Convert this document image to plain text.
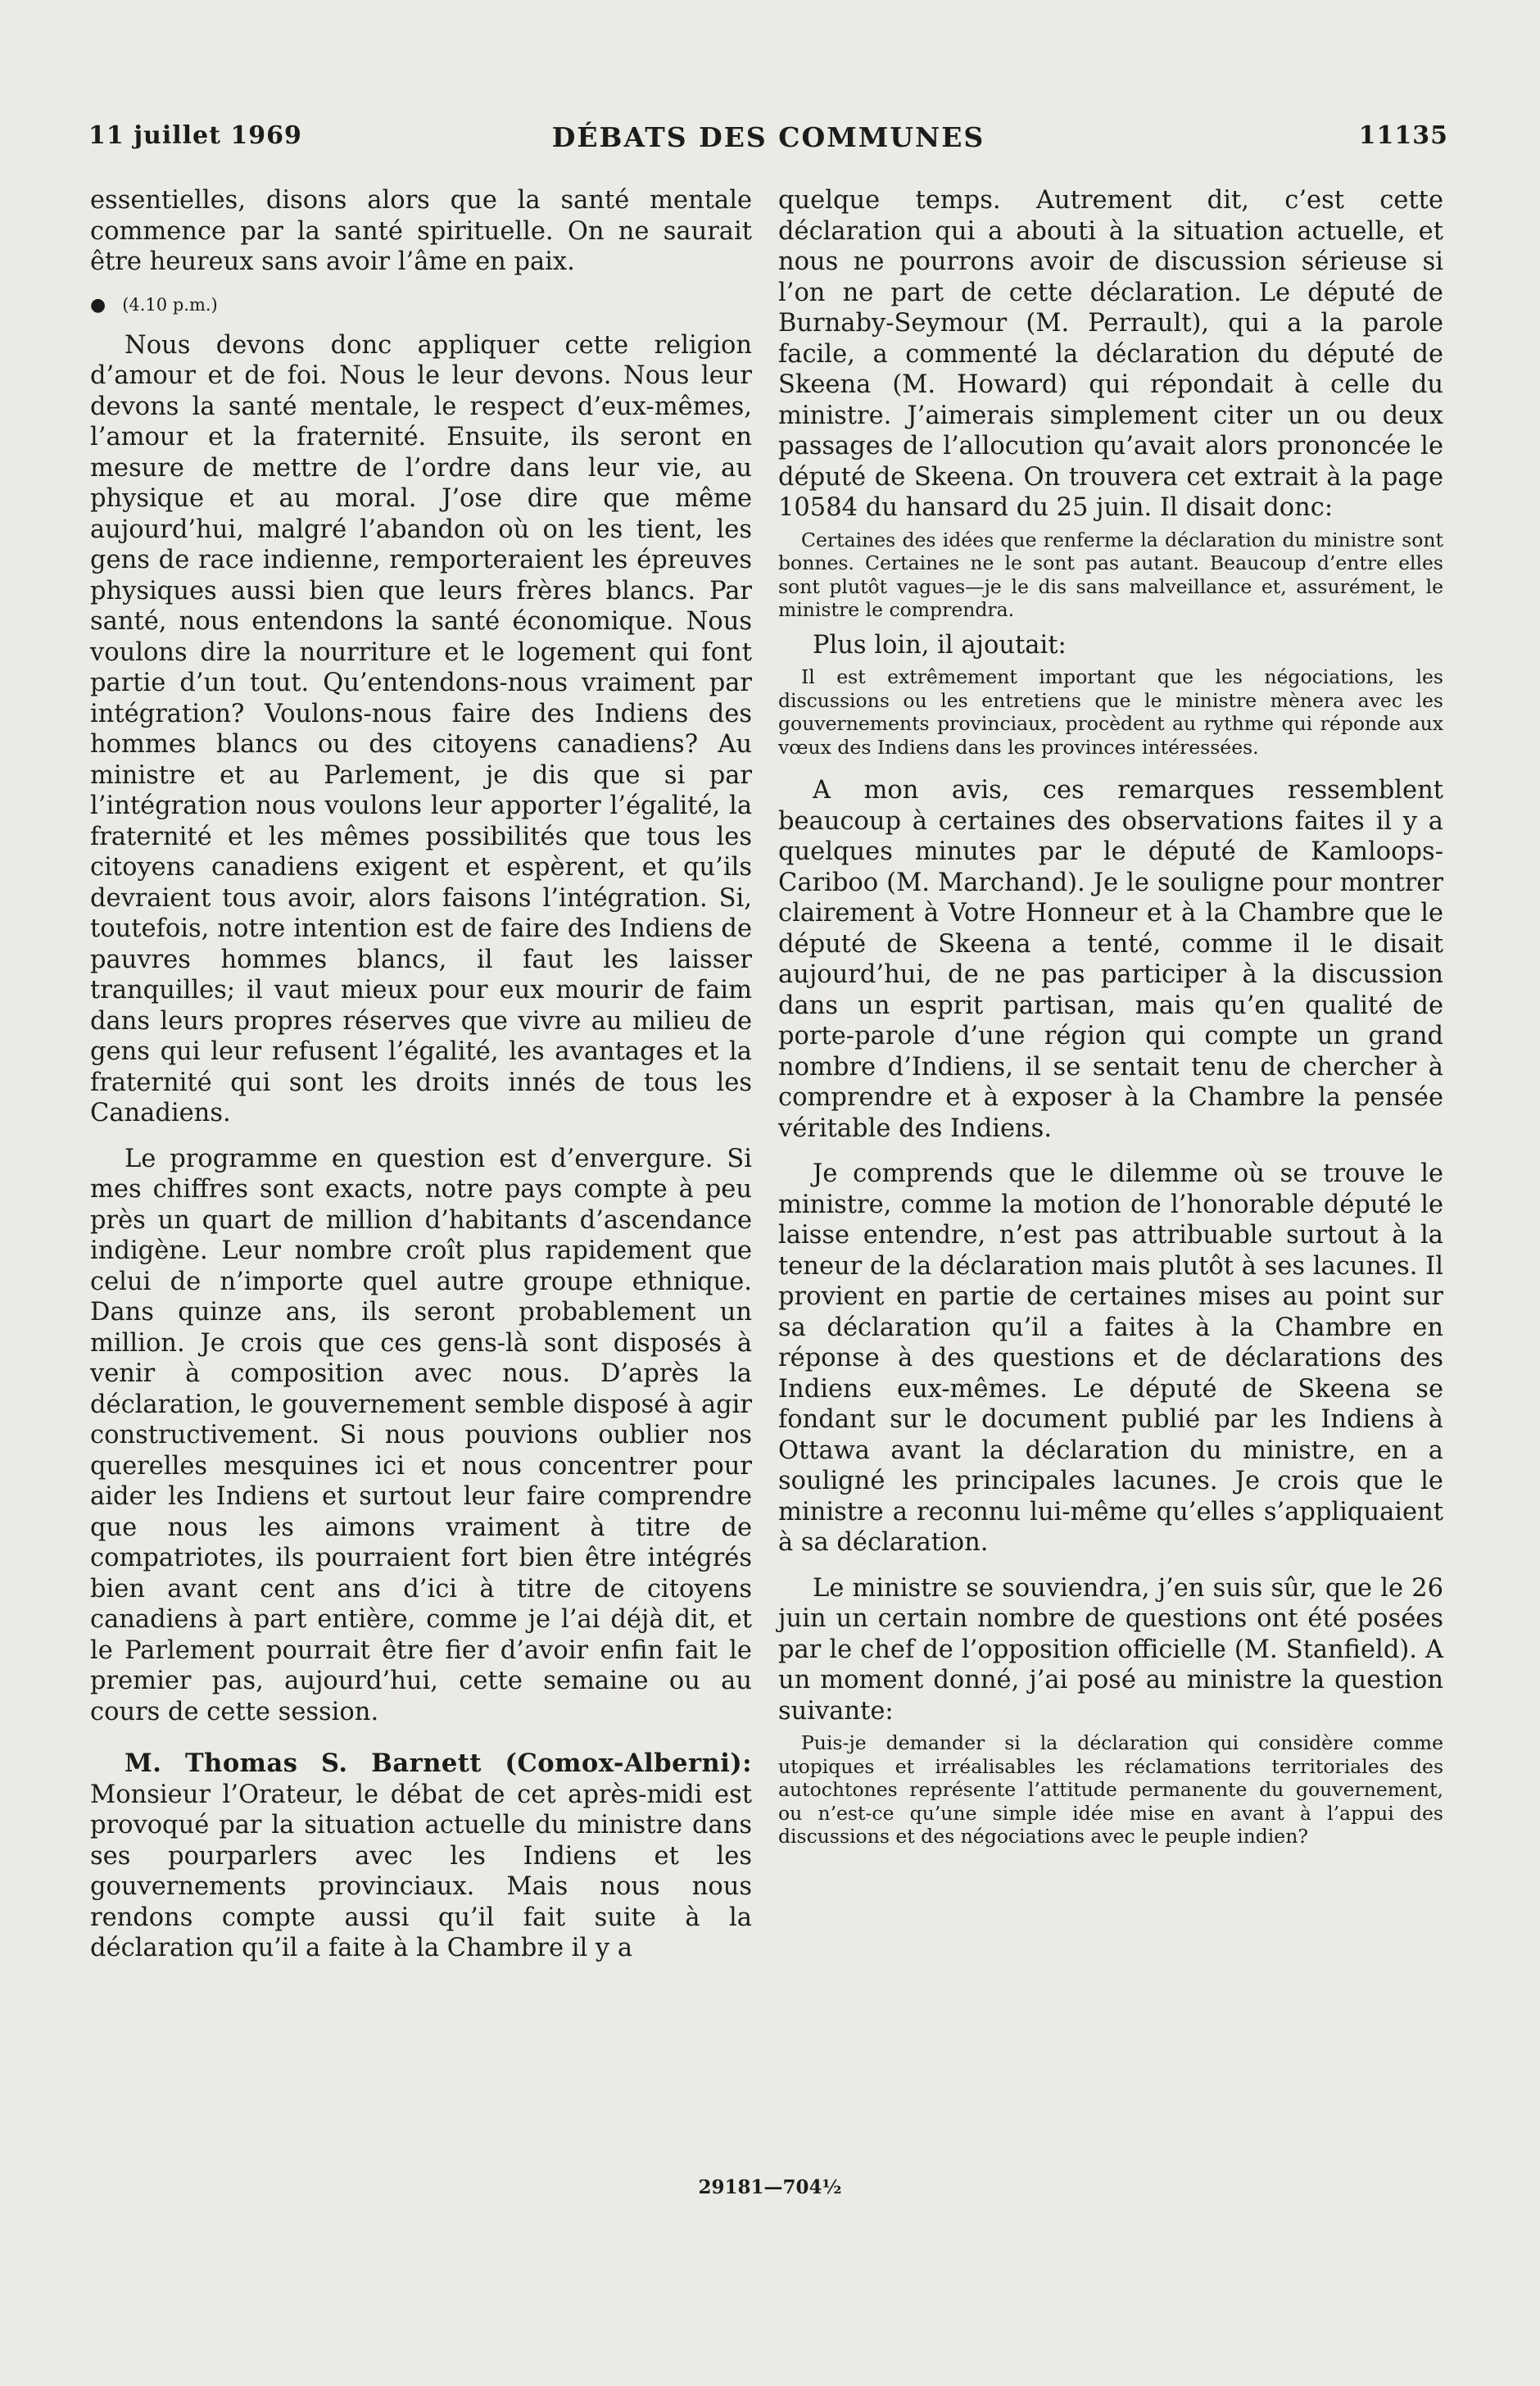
11 juillet 1969	DÉBATS DES COMMUNES	11135

essentielles, disons alors que la santé mentale commence par la santé spirituelle. On ne saurait être heureux sans avoir l’âme en paix.

● (4.10 p.m.)

Nous devons donc appliquer cette religion d’amour et de foi. Nous le leur devons. Nous leur devons la santé mentale, le respect d’eux-mêmes, l’amour et la fraternité. Ensuite, ils seront en mesure de mettre de l’ordre dans leur vie, au physique et au moral. J’ose dire que même aujourd’hui, malgré l’abandon où on les tient, les gens de race indienne, remporteraient les épreuves physiques aussi bien que leurs frères blancs. Par santé, nous entendons la santé économique. Nous voulons dire la nourriture et le logement qui font partie d’un tout. Qu’entendons-nous vraiment par intégration? Voulons-nous faire des Indiens des hommes blancs ou des citoyens canadiens? Au ministre et au Parlement, je dis que si par l’intégration nous voulons leur apporter l’égalité, la fraternité et les mêmes possibilités que tous les citoyens canadiens exigent et espèrent, et qu’ils devraient tous avoir, alors faisons l’intégration. Si, toutefois, notre intention est de faire des Indiens de pauvres hommes blancs, il faut les laisser tranquilles; il vaut mieux pour eux mourir de faim dans leurs propres réserves que vivre au milieu de gens qui leur refusent l’égalité, les avantages et la fraternité qui sont les droits innés de tous les Canadiens.

Le programme en question est d’envergure. Si mes chiffres sont exacts, notre pays compte à peu près un quart de million d’habitants d’ascendance indigène. Leur nombre croît plus rapidement que celui de n’importe quel autre groupe ethnique. Dans quinze ans, ils seront probablement un million. Je crois que ces gens-là sont disposés à venir à composition avec nous. D’après la déclaration, le gouvernement semble disposé à agir constructivement. Si nous pouvions oublier nos querelles mesquines ici et nous concentrer pour aider les Indiens et surtout leur faire comprendre que nous les aimons vraiment à titre de compatriotes, ils pourraient fort bien être intégrés bien avant cent ans d’ici à titre de citoyens canadiens à part entière, comme je l’ai déjà dit, et le Parlement pourrait être fier d’avoir enfin fait le premier pas, aujourd’hui, cette semaine ou au cours de cette session.

M. Thomas S. Barnett (Comox-Alberni): Monsieur l’Orateur, le débat de cet après-midi est provoqué par la situation actuelle du ministre dans ses pourparlers avec les Indiens et les gouvernements provinciaux. Mais nous nous rendons compte aussi qu’il fait suite à la déclaration qu’il a faite à la Chambre il y a

quelque temps. Autrement dit, c’est cette déclaration qui a abouti à la situation actuelle, et nous ne pourrons avoir de discussion sérieuse si l’on ne part de cette déclaration. Le député de Burnaby-Seymour (M. Perrault), qui a la parole facile, a commenté la déclaration du député de Skeena (M. Howard) qui répondait à celle du ministre. J’aimerais simplement citer un ou deux passages de l’allocution qu’avait alors prononcée le député de Skeena. On trouvera cet extrait à la page 10584 du hansard du 25 juin. Il disait donc:

Certaines des idées que renferme la déclaration du ministre sont bonnes. Certaines ne le sont pas autant. Beaucoup d’entre elles sont plutôt vagues—je le dis sans malveillance et, assurément, le ministre le comprendra.

Plus loin, il ajoutait:

Il est extrêmement important que les négociations, les discussions ou les entretiens que le ministre mènera avec les gouvernements provinciaux, procèdent au rythme qui réponde aux vœux des Indiens dans les provinces intéressées.

A mon avis, ces remarques ressemblent beaucoup à certaines des observations faites il y a quelques minutes par le député de Kamloops-Cariboo (M. Marchand). Je le souligne pour montrer clairement à Votre Honneur et à la Chambre que le député de Skeena a tenté, comme il le disait aujourd’hui, de ne pas participer à la discussion dans un esprit partisan, mais qu’en qualité de porte-parole d’une région qui compte un grand nombre d’Indiens, il se sentait tenu de chercher à comprendre et à exposer à la Chambre la pensée véritable des Indiens.

Je comprends que le dilemme où se trouve le ministre, comme la motion de l’honorable député le laisse entendre, n’est pas attribuable surtout à la teneur de la déclaration mais plutôt à ses lacunes. Il provient en partie de certaines mises au point sur sa déclaration qu’il a faites à la Chambre en réponse à des questions et de déclarations des Indiens eux-mêmes. Le député de Skeena se fondant sur le document publié par les Indiens à Ottawa avant la déclaration du ministre, en a souligné les principales lacunes. Je crois que le ministre a reconnu lui-même qu’elles s’appliquaient à sa déclaration.

Le ministre se souviendra, j’en suis sûr, que le 26 juin un certain nombre de questions ont été posées par le chef de l’opposition officielle (M. Stanfield). A un moment donné, j’ai posé au ministre la question suivante:

Puis-je demander si la déclaration qui considère comme utopiques et irréalisables les réclamations territoriales des autochtones représente l’attitude permanente du gouvernement, ou n’est-ce qu’une simple idée mise en avant à l’appui des discussions et des négociations avec le peuple indien?

29181—704½
